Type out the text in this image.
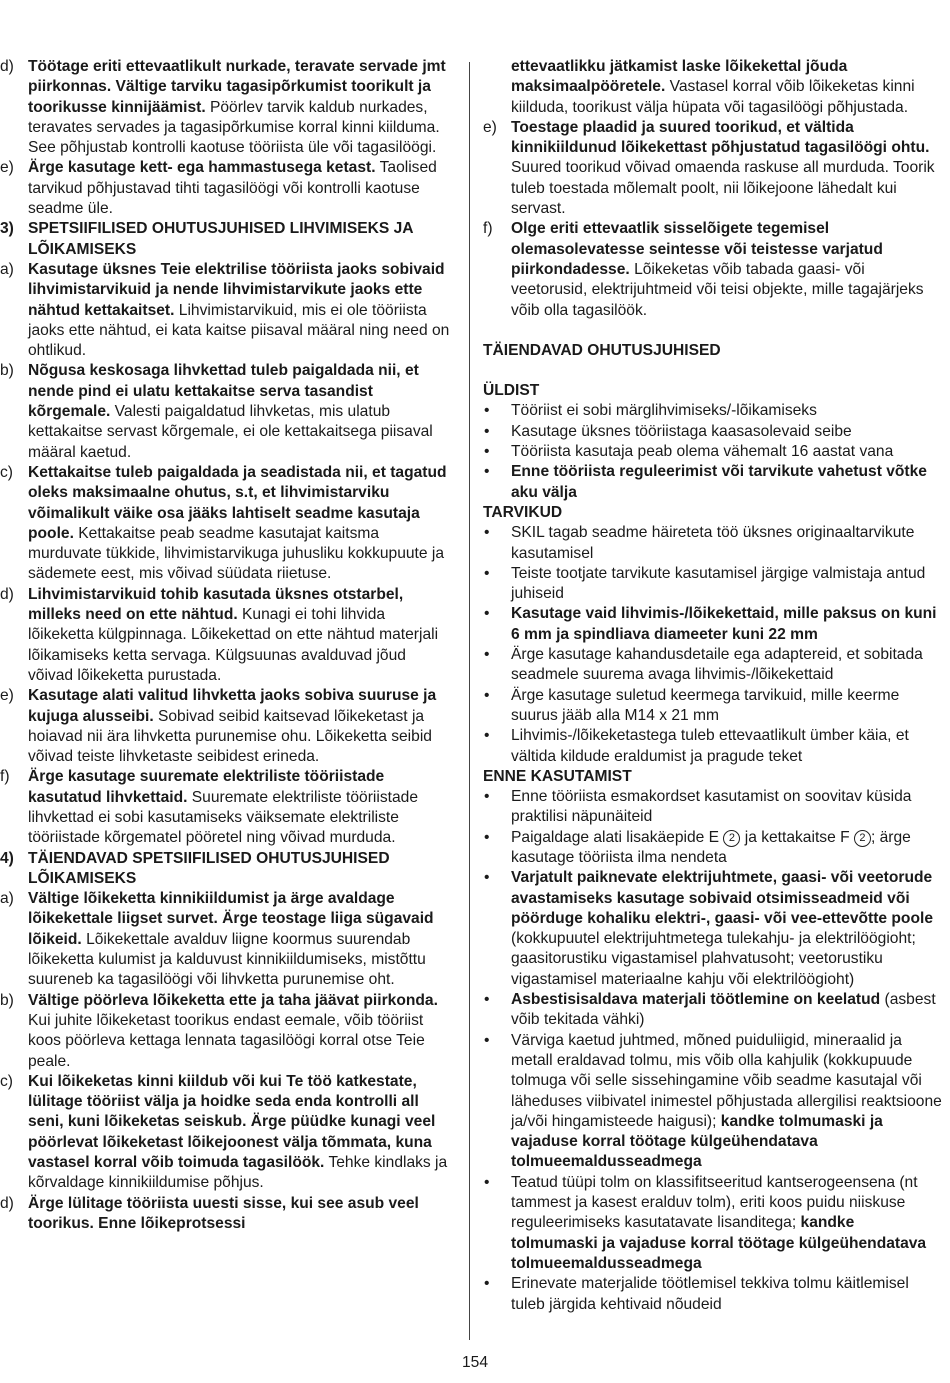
d) Töötage eriti ettevaatlikult nurkade, teravate servade jmt piirkonnas. Vältige tarviku tagasipõrkumist toorikult ja toorikusse kinnijäämist. Pöörlev tarvik kaldub nurkades, teravates servades ja tagasipõrkumise korral kinni kiilduma. See põhjustab kontrolli kaotuse tööriista üle või tagasilöögi.
e) Ärge kasutage kett- ega hammastusega ketast. Taolised tarvikud põhjustavad tihti tagasilöögi või kontrolli kaotuse seadme üle.
3) SPETSIIFILISED OHUTUSJUHISED LIHVIMISEKS JA LÕIKAMISEKS
a) Kasutage üksnes Teie elektrilise tööriista jaoks sobivaid lihvimistarvikuid ja nende lihvimistarvikute jaoks ette nähtud kettakaitset. Lihvimistarvikuid, mis ei ole tööriista jaoks ette nähtud, ei kata kaitse piisaval määral ning need on ohtlikud.
b) Nõgusa keskosaga lihvkettad tuleb paigaldada nii, et nende pind ei ulatu kettakaitse serva tasandist kõrgemale. Valesti paigaldatud lihvketas, mis ulatub kettakaitse servast kõrgemale, ei ole kettakaitsega piisaval määral kaetud.
c) Kettakaitse tuleb paigaldada ja seadistada nii, et tagatud oleks maksimaalne ohutus, s.t, et lihvimistarviku võimalikult väike osa jääks lahtiselt seadme kasutaja poole. Kettakaitse peab seadme kasutajat kaitsma murduvate tükkide, lihvimistarvikuga juhusliku kokkupuute ja sädemete eest, mis võivad süüdata riietuse.
d) Lihvimistarvikuid tohib kasutada üksnes otstarbel, milleks need on ette nähtud. Kunagi ei tohi lihvida lõikeketta külgpinnaga. Lõikekettad on ette nähtud materjali lõikamiseks ketta servaga. Külgsuunas avalduvad jõud võivad lõikeketta purustada.
e) Kasutage alati valitud lihvketta jaoks sobiva suuruse ja kujuga alusseibi. Sobivad seibid kaitsevad lõikeketast ja hoiavad nii ära lihvketta purunemise ohu. Lõikeketta seibid võivad teiste lihvketaste seibidest erineda.
f) Ärge kasutage suuremate elektriliste tööriistade kasutatud lihvkettaid. Suuremate elektriliste tööriistade lihvkettad ei sobi kasutamiseks väiksemate elektriliste tööriistade kõrgematel pööretel ning võivad murduda.
4) TÄIENDAVAD SPETSIIFILISED OHUTUSJUHISED LÕIKAMISEKS
a) Vältige lõikeketta kinnikiildumist ja ärge avaldage lõikekettale liigset survet. Ärge teostage liiga sügavaid lõikeid. Lõikekettale avalduv liigne koormus suurendab lõikeketta kulumist ja kalduvust kinnikiildumiseks, mistõttu suureneb ka tagasilöögi või lihvketta purunemise oht.
b) Vältige pöörleva lõikeketta ette ja taha jäävat piirkonda. Kui juhite lõikeketast toorikus endast eemale, võib tööriist koos pöörleva kettaga lennata tagasilöögi korral otse Teie peale.
c) Kui lõikeketas kinni kiildub või kui Te töö katkestate, lülitage tööriist välja ja hoidke seda enda kontrolli all seni, kuni lõikeketas seiskub. Ärge püüdke kunagi veel pöörlevat lõikeketast lõikejoonest välja tõmmata, kuna vastasel korral võib toimuda tagasilöök. Tehke kindlaks ja kõrvaldage kinnikiildumise põhjus.
d) Ärge lülitage tööriista uuesti sisse, kui see asub veel toorikus. Enne lõikeprotsessi
ettevaatlikku jätkamist laske lõikekettal jõuda maksimaalpööretele. Vastasel korral võib lõikeketas kinni kiilduda, toorikust välja hüpata või tagasilöögi põhjustada.
e) Toestage plaadid ja suured toorikud, et vältida kinnikiildunud lõikekettast põhjustatud tagasilöögi ohtu. Suured toorikud võivad omaenda raskuse all murduda. Toorik tuleb toestada mõlemalt poolt, nii lõikejoone lähedalt kui servast.
f) Olge eriti ettevaatlik sisselõigete tegemisel olemasolevatesse seintesse või teistesse varjatud piirkondadesse. Lõikeketas võib tabada gaasi- või veetorusid, elektrijuhtmeid või teisi objekte, mille tagajärjeks võib olla tagasilöök.

TÄIENDAVAD OHUTUSJUHISED

ÜLDIST

• Tööriist ei sobi märglihvimiseks/-lõikamiseks
• Kasutage üksnes tööriistaga kaasasolevaid seibe
• Tööriista kasutaja peab olema vähemalt 16 aastat vana
• Enne tööriista reguleerimist või tarvikute vahetust võtke aku välja

TARVIKUD

• SKIL tagab seadme häireteta töö üksnes originaaltarvikute kasutamisel
• Teiste tootjate tarvikute kasutamisel järgige valmistaja antud juhiseid
• Kasutage vaid lihvimis-/lõikekettaid, mille paksus on kuni 6 mm ja spindliava diameeter kuni 22 mm
• Ärge kasutage kahandusdetaile ega adaptereid, et sobitada seadmele suurema avaga lihvimis-/lõikekettaid
• Ärge kasutage suletud keermega tarvikuid, mille keerme suurus jääb alla M14 x 21 mm
• Lihvimis-/lõikeketastega tuleb ettevaatlikult ümber käia, et vältida kildude eraldumist ja pragude teket

ENNE KASUTAMIST

• Enne tööriista esmakordset kasutamist on soovitav küsida praktilisi näpunäiteid
• Paigaldage alati lisakäepide E 2 ja kettakaitse F 2 ; ärge kasutage tööriista ilma nendeta
• Varjatult paiknevate elektrijuhtmete, gaasi- või veetorude avastamiseks kasutage sobivaid otsimisseadmeid või pöörduge kohaliku elektri-, gaasi- või vee-ettevõtte poole (kokkupuutel elektrijuhtmetega tulekahju- ja elektrilöögioht; gaasitorustiku vigastamisel plahvatusoht; veetorustiku vigastamisel materiaalne kahju või elektrilöögioht)
• Asbestisisaldava materjali töötlemine on keelatud (asbest võib tekitada vähki)
• Värviga kaetud juhtmed, mõned puiduliigid, mineraalid ja metall eraldavad tolmu, mis võib olla kahjulik (kokkupuude tolmuga või selle sissehingamine võib seadme kasutajal või läheduses viibivatel inimestel põhjustada allergilisi reaktsioone ja/või hingamisteede haigusi); kandke tolmumaski ja vajaduse korral töötage külgeühendatava tolmueemaldusseadmega
• Teatud tüüpi tolm on klassifitseeritud kantserogeensena (nt tammest ja kasest eralduv tolm), eriti koos puidu niiskuse reguleerimiseks kasutatavate lisanditega; kandke tolmumaski ja vajaduse korral töötage külgeühendatava tolmueemaldusseadmega
• Erinevate materjalide töötlemisel tekkiva tolmu käitlemisel tuleb järgida kehtivaid nõudeid
154
